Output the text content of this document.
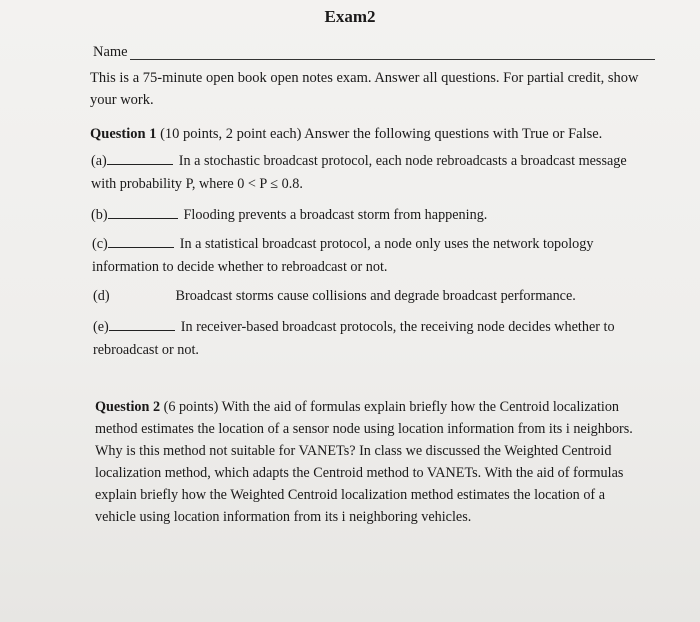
Exam2
Name
This is a 75-minute open book open notes exam. Answer all questions. For partial credit, show your work.
Question 1 (10 points, 2 point each) Answer the following questions with True or False.
(a)	In a stochastic broadcast protocol, each node rebroadcasts a broadcast message
with probability P, where 0 < P ≤ 0.8.
(b)	Flooding prevents a broadcast storm from happening.
(c)	In a statistical broadcast protocol, a node only uses the network topology
information to decide whether to rebroadcast or not.
(d)	Broadcast storms cause collisions and degrade broadcast performance.
(e)	In receiver-based broadcast protocols, the receiving node decides whether to
rebroadcast or not.
Question 2 (6 points) With the aid of formulas explain briefly how the Centroid localization method estimates the location of a sensor node using location information from its i neighbors. Why is this method not suitable for VANETs? In class we discussed the Weighted Centroid localization method, which adapts the Centroid method to VANETs. With the aid of formulas explain briefly how the Weighted Centroid localization method estimates the location of a vehicle using location information from its i neighboring vehicles.
